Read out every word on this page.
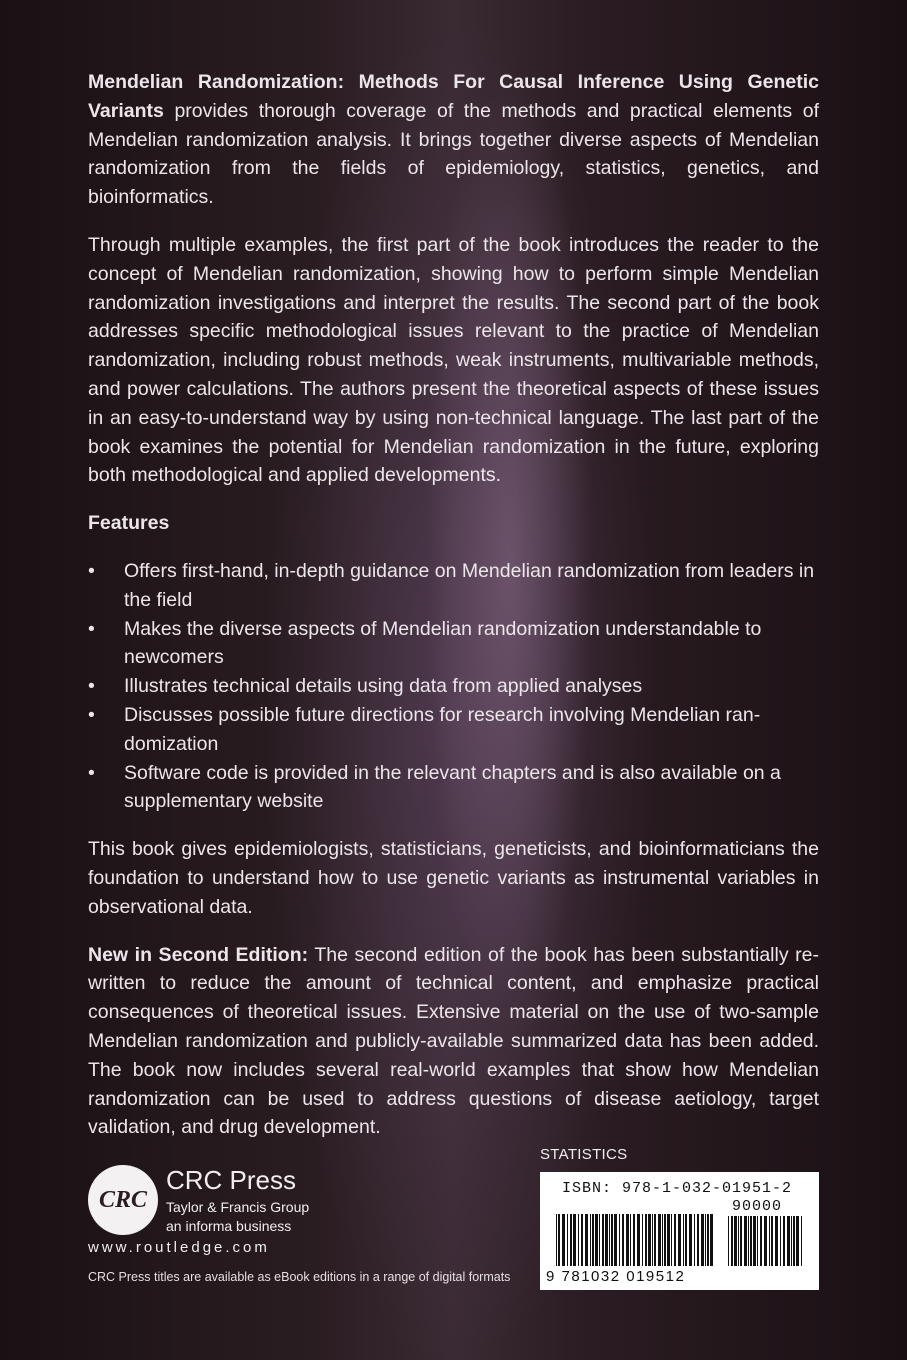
Mendelian Randomization: Methods For Causal Inference Using Genetic Variants provides thorough coverage of the methods and practical elements of Mendelian randomization analysis. It brings together diverse aspects of Mendelian randomization from the fields of epidemiology, statistics, genetics, and bioinformatics.

Through multiple examples, the first part of the book introduces the reader to the concept of Mendelian randomization, showing how to perform simple Mendelian randomization investigations and interpret the results. The second part of the book addresses specific methodological issues relevant to the practice of Mendelian randomization, including robust methods, weak instruments, multivariable methods, and power calculations. The authors present the theoretical aspects of these issues in an easy-to-understand way by using non-technical language. The last part of the book examines the potential for Mendelian randomization in the future, exploring both methodological and applied developments.

Features

• Offers first-hand, in-depth guidance on Mendelian randomization from leaders in the field
• Makes the diverse aspects of Mendelian randomization understandable to newcomers
• Illustrates technical details using data from applied analyses
• Discusses possible future directions for research involving Mendelian randomization
• Software code is provided in the relevant chapters and is also available on a supplementary website

This book gives epidemiologists, statisticians, geneticists, and bioinformaticians the foundation to understand how to use genetic variants as instrumental variables in observational data.

New in Second Edition: The second edition of the book has been substantially re-written to reduce the amount of technical content, and emphasize practical consequences of theoretical issues. Extensive material on the use of two-sample Mendelian randomization and publicly-available summarized data has been added. The book now includes several real-world examples that show how Mendelian randomization can be used to address questions of disease aetiology, target validation, and drug development.

CRC
CRC Press
Taylor & Francis Group
an informa business
www.routledge.com
CRC Press titles are available as eBook editions in a range of digital formats
STATISTICS
ISBN: 978-1-032-01951-2
90000
9 781032 019512
